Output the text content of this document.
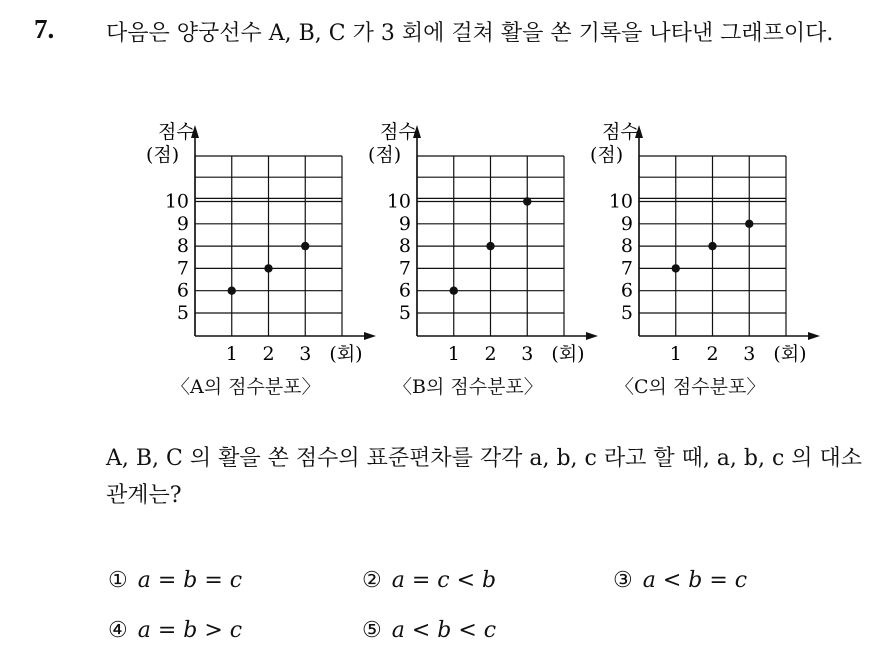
7. 다음은 양궁선수 A, B, C 가 3 회에 걸쳐 활을 쏜 기록을 나타낸 그래프이다.
점수
(점)
5
6
7
8
9
10
1 2 3 (회)
점수
(점)
5
6
7
8
9
10
1 2 3 (회)
점수
(점)
5
6
7
8
9
10
1 2 3 (회)
〈A의 점수분포〉	〈B의 점수분포〉	〈C의 점수분포〉
A, B, C 의 활을 쏜 점수의 표준편차를 각각 a, b, c 라고 할 때, a, b, c 의 대소 관계는?
① a = b = c	② a = c < b	③ a < b = c
④ a = b > c	⑤ a < b < c
